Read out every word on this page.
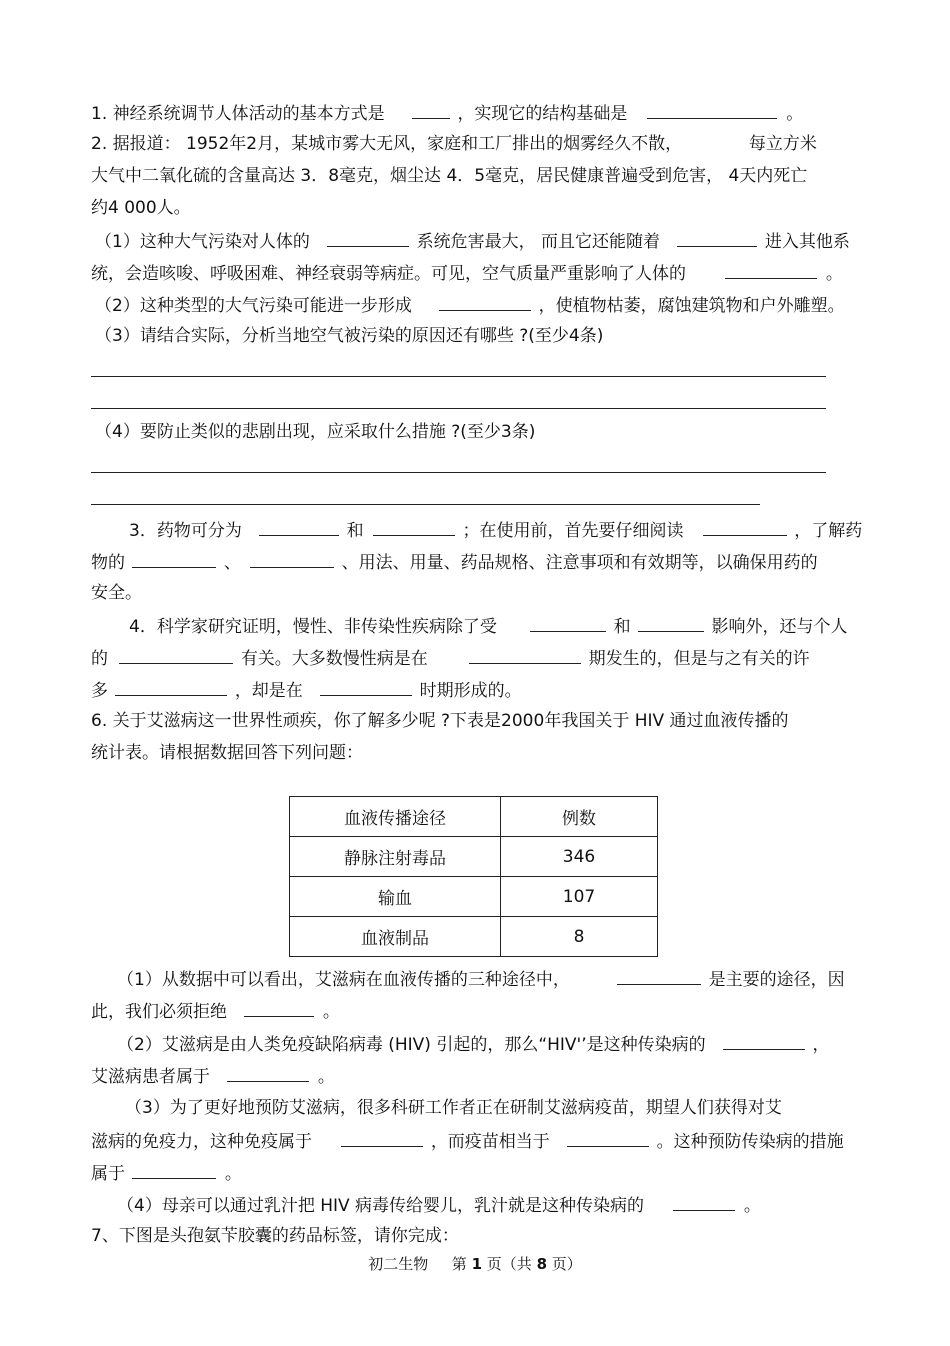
1. 神经系统调节人体活动的基本方式是	，实现它的结构基础是	。
2. 据报道： 1952年2月，某城市雾大无风，家庭和工厂排出的烟雾经久不散，	每立方米
大气中二氧化硫的含量高达 3．8毫克，烟尘达 4．5毫克，居民健康普遍受到危害， 4天内死亡
约4 000人。
（1）这种大气污染对人体的	系统危害最大， 而且它还能随着	进入其他系
统，会造咳唆、呼吸困难、神经衰弱等病症。可见，空气质量严重影响了人体的	。
（2）这种类型的大气污染可能进一步形成	，使植物枯萎，腐蚀建筑物和户外雕塑。
（3）请结合实际，分析当地空气被污染的原因还有哪些 ?(至少4条)
（4）要防止类似的悲剧出现，应采取什么措施 ?(至少3条)
3．药物可分为	和	；在使用前，首先要仔细阅读	，了解药
物的	、	、用法、用量、药品规格、注意事项和有效期等，以确保用药的
安全。
4．科学家研究证明，慢性、非传染性疾病除了受	和	影响外，还与个人
的	有关。大多数慢性病是在	期发生的，但是与之有关的许
多	，却是在	时期形成的。
6. 关于艾滋病这一世界性顽疾，你了解多少呢 ?下表是2000年我国关于 HIV 通过血液传播的
统计表。请根据数据回答下列问题：
血液传播途径	例数
静脉注射毒品	346
输血	107
血液制品	8
（1）从数据中可以看出，艾滋病在血液传播的三种途径中，	是主要的途径，因
此，我们必须拒绝	。
（2）艾滋病是由人类免疫缺陷病毒 (HIV) 引起的，那么“HIV'’是这种传染病的	，
艾滋病患者属于	。
（3）为了更好地预防艾滋病，很多科研工作者正在研制艾滋病疫苗，期望人们获得对艾
滋病的免疫力，这种免疫属于	，而疫苗相当于	。这种预防传染病的措施
属于	。
（4）母亲可以通过乳汁把 HIV 病毒传给婴儿，乳汁就是这种传染病的	。
7、下图是头孢氨苄胶囊的药品标签，请你完成：
初二生物 第 1 页（共 8 页）
